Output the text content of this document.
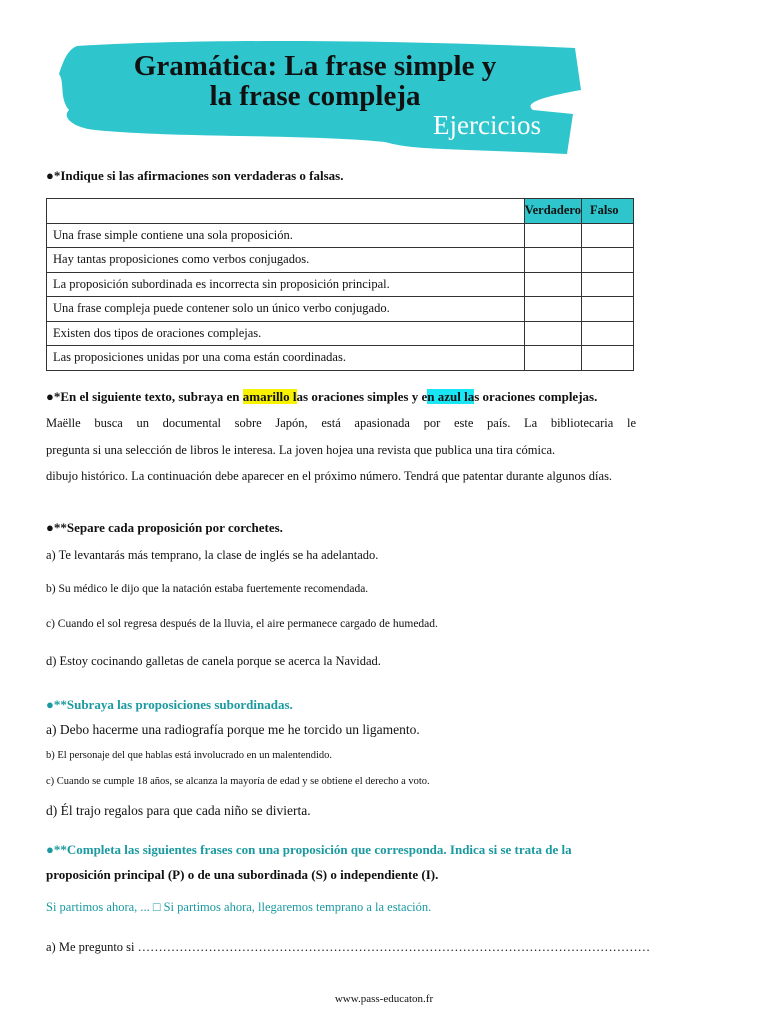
Gramática: La frase simple y
la frase compleja
Ejercicios
●*Indique si las afirmaciones son verdaderas o falsas.
	Verdadero	Falso
Una frase simple contiene una sola proposición.		
Hay tantas proposiciones como verbos conjugados.		
La proposición subordinada es incorrecta sin proposición principal.		
Una frase compleja puede contener solo un único verbo conjugado.		
Existen dos tipos de oraciones complejas.		
Las proposiciones unidas por una coma están coordinadas.		
●*En el siguiente texto, subraya en amarillo las oraciones simples y en azul las oraciones complejas.
Maëlle busca un documental sobre Japón, está apasionada por este país. La bibliotecaria le
pregunta si una selección de libros le interesa. La joven hojea una revista que publica una tira cómica.
dibujo histórico. La continuación debe aparecer en el próximo número. Tendrá que patentar durante algunos días.
●**Separe cada proposición por corchetes.
a) Te levantarás más temprano, la clase de inglés se ha adelantado.
b) Su médico le dijo que la natación estaba fuertemente recomendada.
c) Cuando el sol regresa después de la lluvia, el aire permanece cargado de humedad.
d) Estoy cocinando galletas de canela porque se acerca la Navidad.
●**Subraya las proposiciones subordinadas.
a) Debo hacerme una radiografía porque me he torcido un ligamento.
b) El personaje del que hablas está involucrado en un malentendido.
c) Cuando se cumple 18 años, se alcanza la mayoría de edad y se obtiene el derecho a voto.
d) Él trajo regalos para que cada niño se divierta.
●**Completa las siguientes frases con una proposición que corresponda. Indica si se trata de la
proposición principal (P) o de una subordinada (S) o independiente (I).
Si partimos ahora, ... □ Si partimos ahora, llegaremos temprano a la estación.
a) Me pregunto si ……………………………………………………………………………………………………………
www.pass-educaton.fr
